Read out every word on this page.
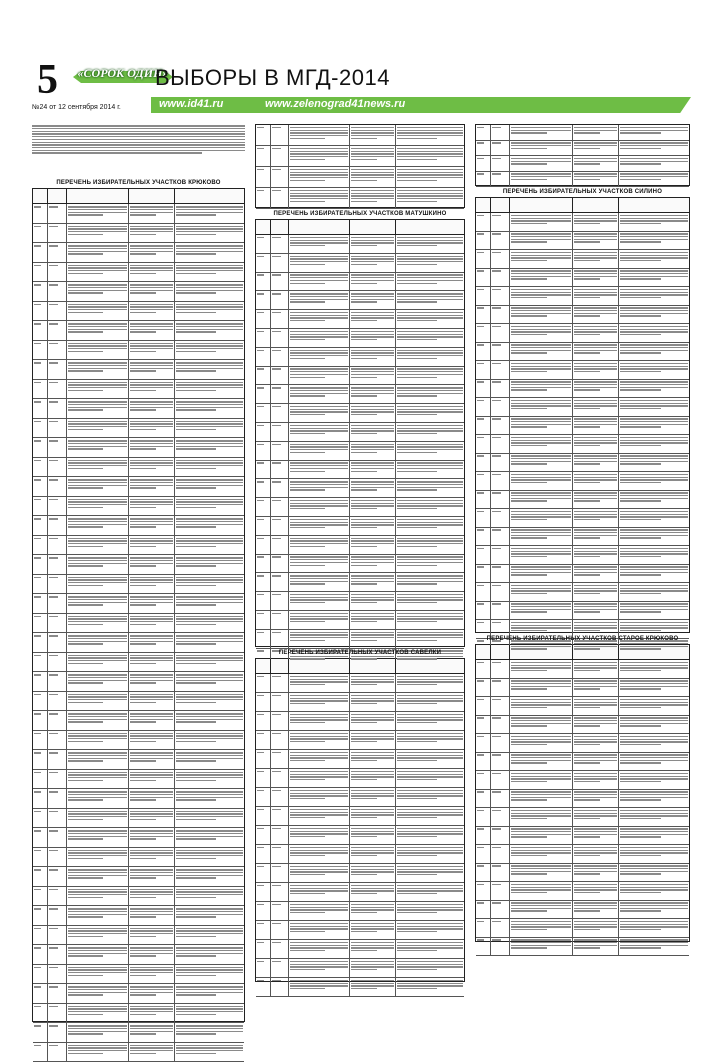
5	«СОРОК ОДИН»
ВЫБОРЫ В МГД-2014
www.id41.ru	www.zelenograd41news.ru
№24 от 12 сентября 2014 г.
ПЕРЕЧЕНЬ ИЗБИРАТЕЛЬНЫХ УЧАСТКОВ КРЮКОВО
ПЕРЕЧЕНЬ ИЗБИРАТЕЛЬНЫХ УЧАСТКОВ МАТУШКИНО
ПЕРЕЧЕНЬ ИЗБИРАТЕЛЬНЫХ УЧАСТКОВ САВЕЛКИ
ПЕРЕЧЕНЬ ИЗБИРАТЕЛЬНЫХ УЧАСТКОВ СИЛИНО
ПЕРЕЧЕНЬ ИЗБИРАТЕЛЬНЫХ УЧАСТКОВ СТАРОЕ КРЮКОВО
